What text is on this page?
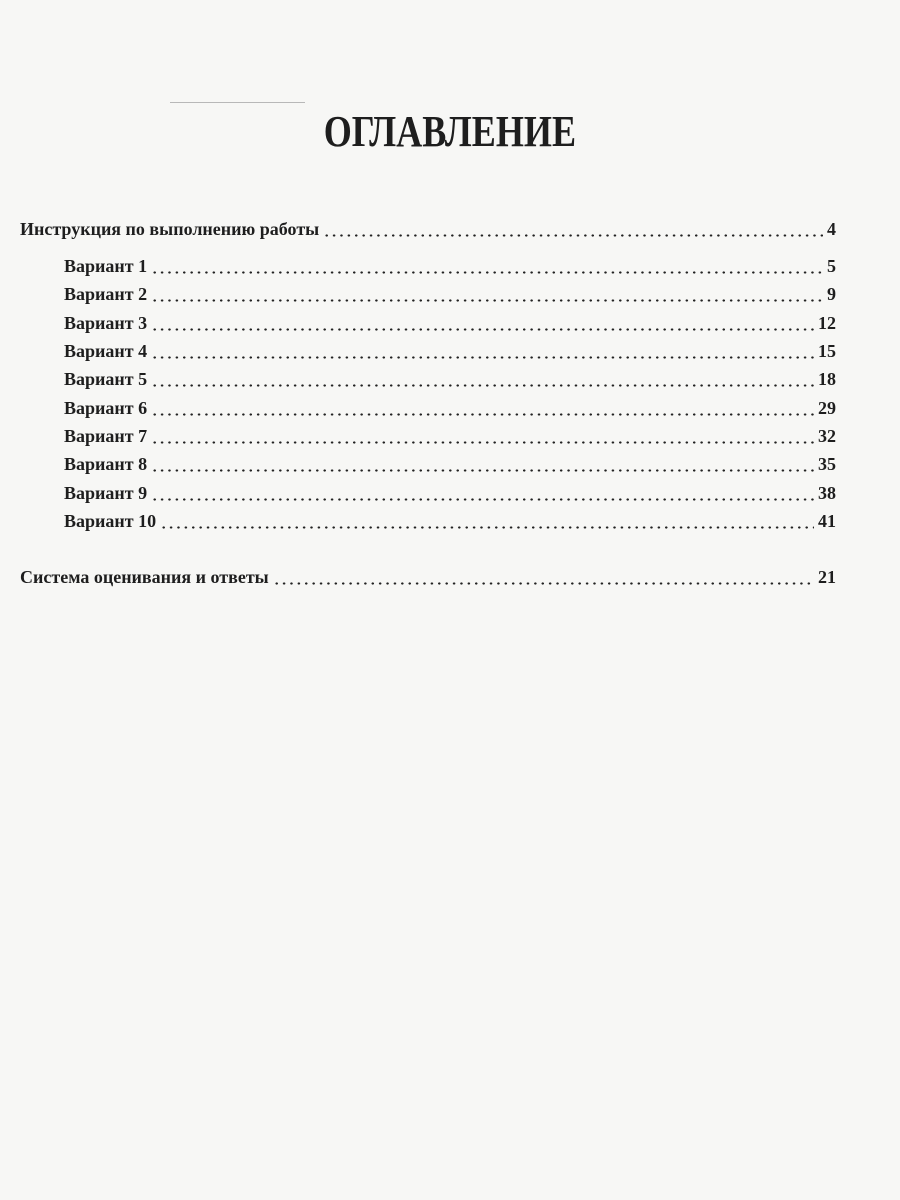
ОГЛАВЛЕНИЕ
Инструкция по выполнению работы	4
Вариант 1	5
Вариант 2	9
Вариант 3	12
Вариант 4	15
Вариант 5	18
Вариант 6	29
Вариант 7	32
Вариант 8	35
Вариант 9	38
Вариант 10	41
Система оценивания и ответы	21
